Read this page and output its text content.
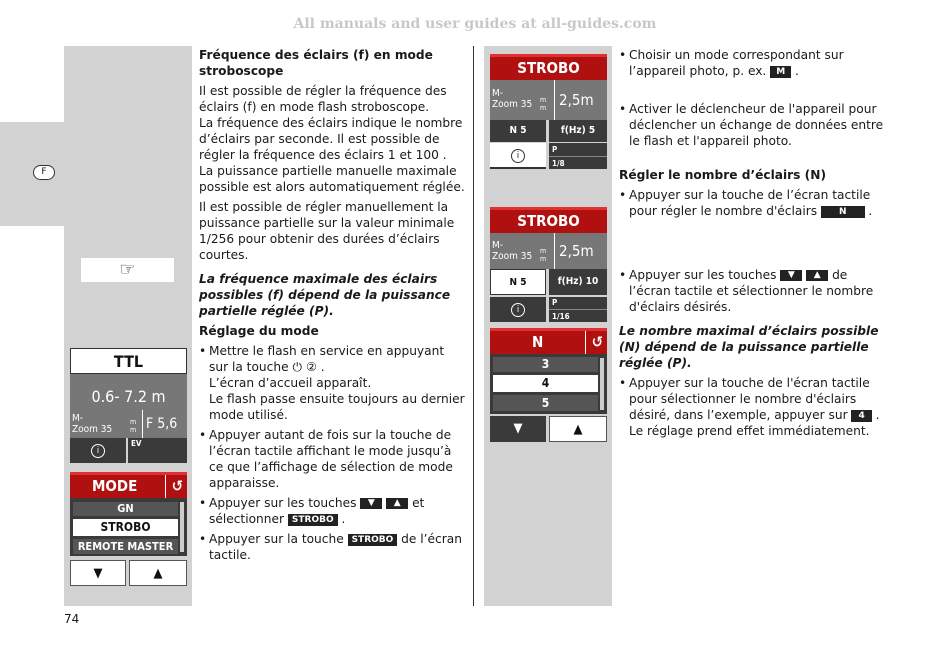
All manuals and user guides at all-guides.com
F
☞
74
TTL
0.6- 7.2 m
M-
Zoom 35
m
m F 5,6
i
EV
MODE	↺
GN
STROBO
REMOTE MASTER
▼	▲
STROBO
M-
Zoom 35	m
m 2,5m
N 5	f(Hz) 5
i
P
1/8
STROBO
M-
Zoom 35	m
m 2,5m
N 5	f(Hz) 10
i
P
1/16
N	↺
3
4
5
▼	▲

Fréquence des éclairs (f) en mode stroboscope

Il est possible de régler la fréquence des éclairs (f) en mode flash stroboscope.

La fréquence des éclairs indique le nombre d’éclairs par seconde. Il est possible de régler la fréquence des éclairs 1 et 100 .

La puissance partielle manuelle maximale possible est alors automatiquement réglée.

Il est possible de régler manuellement la puissance partielle sur la valeur minimale 1/256 pour obtenir des durées d’éclairs courtes.

La fréquence maximale des éclairs possibles (f) dépend de la puissance partielle réglée (P).

Réglage du mode

• Mettre le flash en service en appuyant sur la touche ⏻ ② .
L’écran d’accueil apparaît.
Le flash passe ensuite toujours au dernier mode utilisé.
• Appuyer autant de fois sur la touche de l’écran tactile affichant le mode jusqu’à ce que l’affichage de sélection de mode apparaisse.
• Appuyer sur les touches ▼ ▲ et sélectionner STROBO .
• Appuyer sur la touche STROBO de l’écran tactile.
• Choisir un mode correspondant sur l’appareil photo, p. ex. M .
• Activer le déclencheur de l'appareil pour déclencher un échange de données entre le flash et l'appareil photo.

Régler le nombre d’éclairs (N)

• Appuyer sur la touche de l’écran tactile pour régler le nombre d'éclairs N .
• Appuyer sur les touches ▼ ▲ de l’écran tactile et sélectionner le nombre d'éclairs désirés.

Le nombre maximal d’éclairs possible (N) dépend de la puissance partielle réglée (P).

• Appuyer sur la touche de l'écran tactile pour sélectionner le nombre d'éclairs désiré, dans l’exemple, appuyer sur 4 .
Le réglage prend effet immédiatement.
